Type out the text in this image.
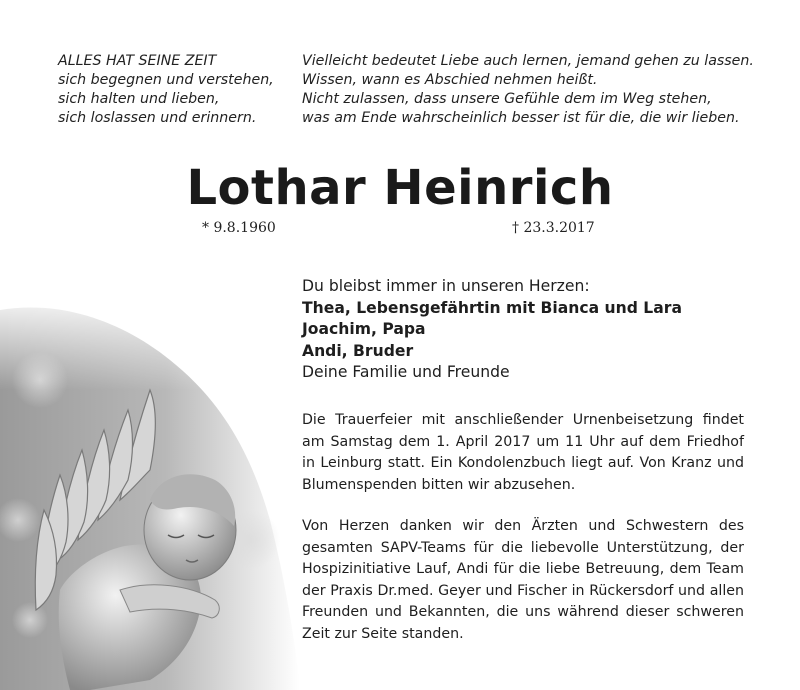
ALLES HAT SEINE ZEIT
sich begegnen und verstehen,
sich halten und lieben,
sich loslassen und erinnern.
Vielleicht bedeutet Liebe auch lernen, jemand gehen zu lassen.
Wissen, wann es Abschied nehmen heißt.
Nicht zulassen, dass unsere Gefühle dem im Weg stehen,
was am Ende wahrscheinlich besser ist für die, die wir lieben.
Lothar Heinrich
* 9.8.1960	† 23.3.2017
Du bleibst immer in unseren Herzen:
Thea, Lebensgefährtin mit Bianca und Lara
Joachim, Papa
Andi, Bruder
Deine Familie und Freunde
Die Trauerfeier mit anschließender Urnenbeisetzung findet am Samstag dem 1. April 2017 um 11 Uhr auf dem Friedhof in Leinburg statt. Ein Kondolenzbuch liegt auf. Von Kranz und Blumenspenden bitten wir abzusehen.
Von Herzen danken wir den Ärzten und Schwestern des gesamten SAPV-Teams für die liebevolle Unterstützung, der Hospizinitiative Lauf, Andi für die liebe Betreuung, dem Team der Praxis Dr.med. Geyer und Fischer in Rückersdorf und allen Freunden und Bekannten, die uns während dieser schweren Zeit zur Seite standen.
